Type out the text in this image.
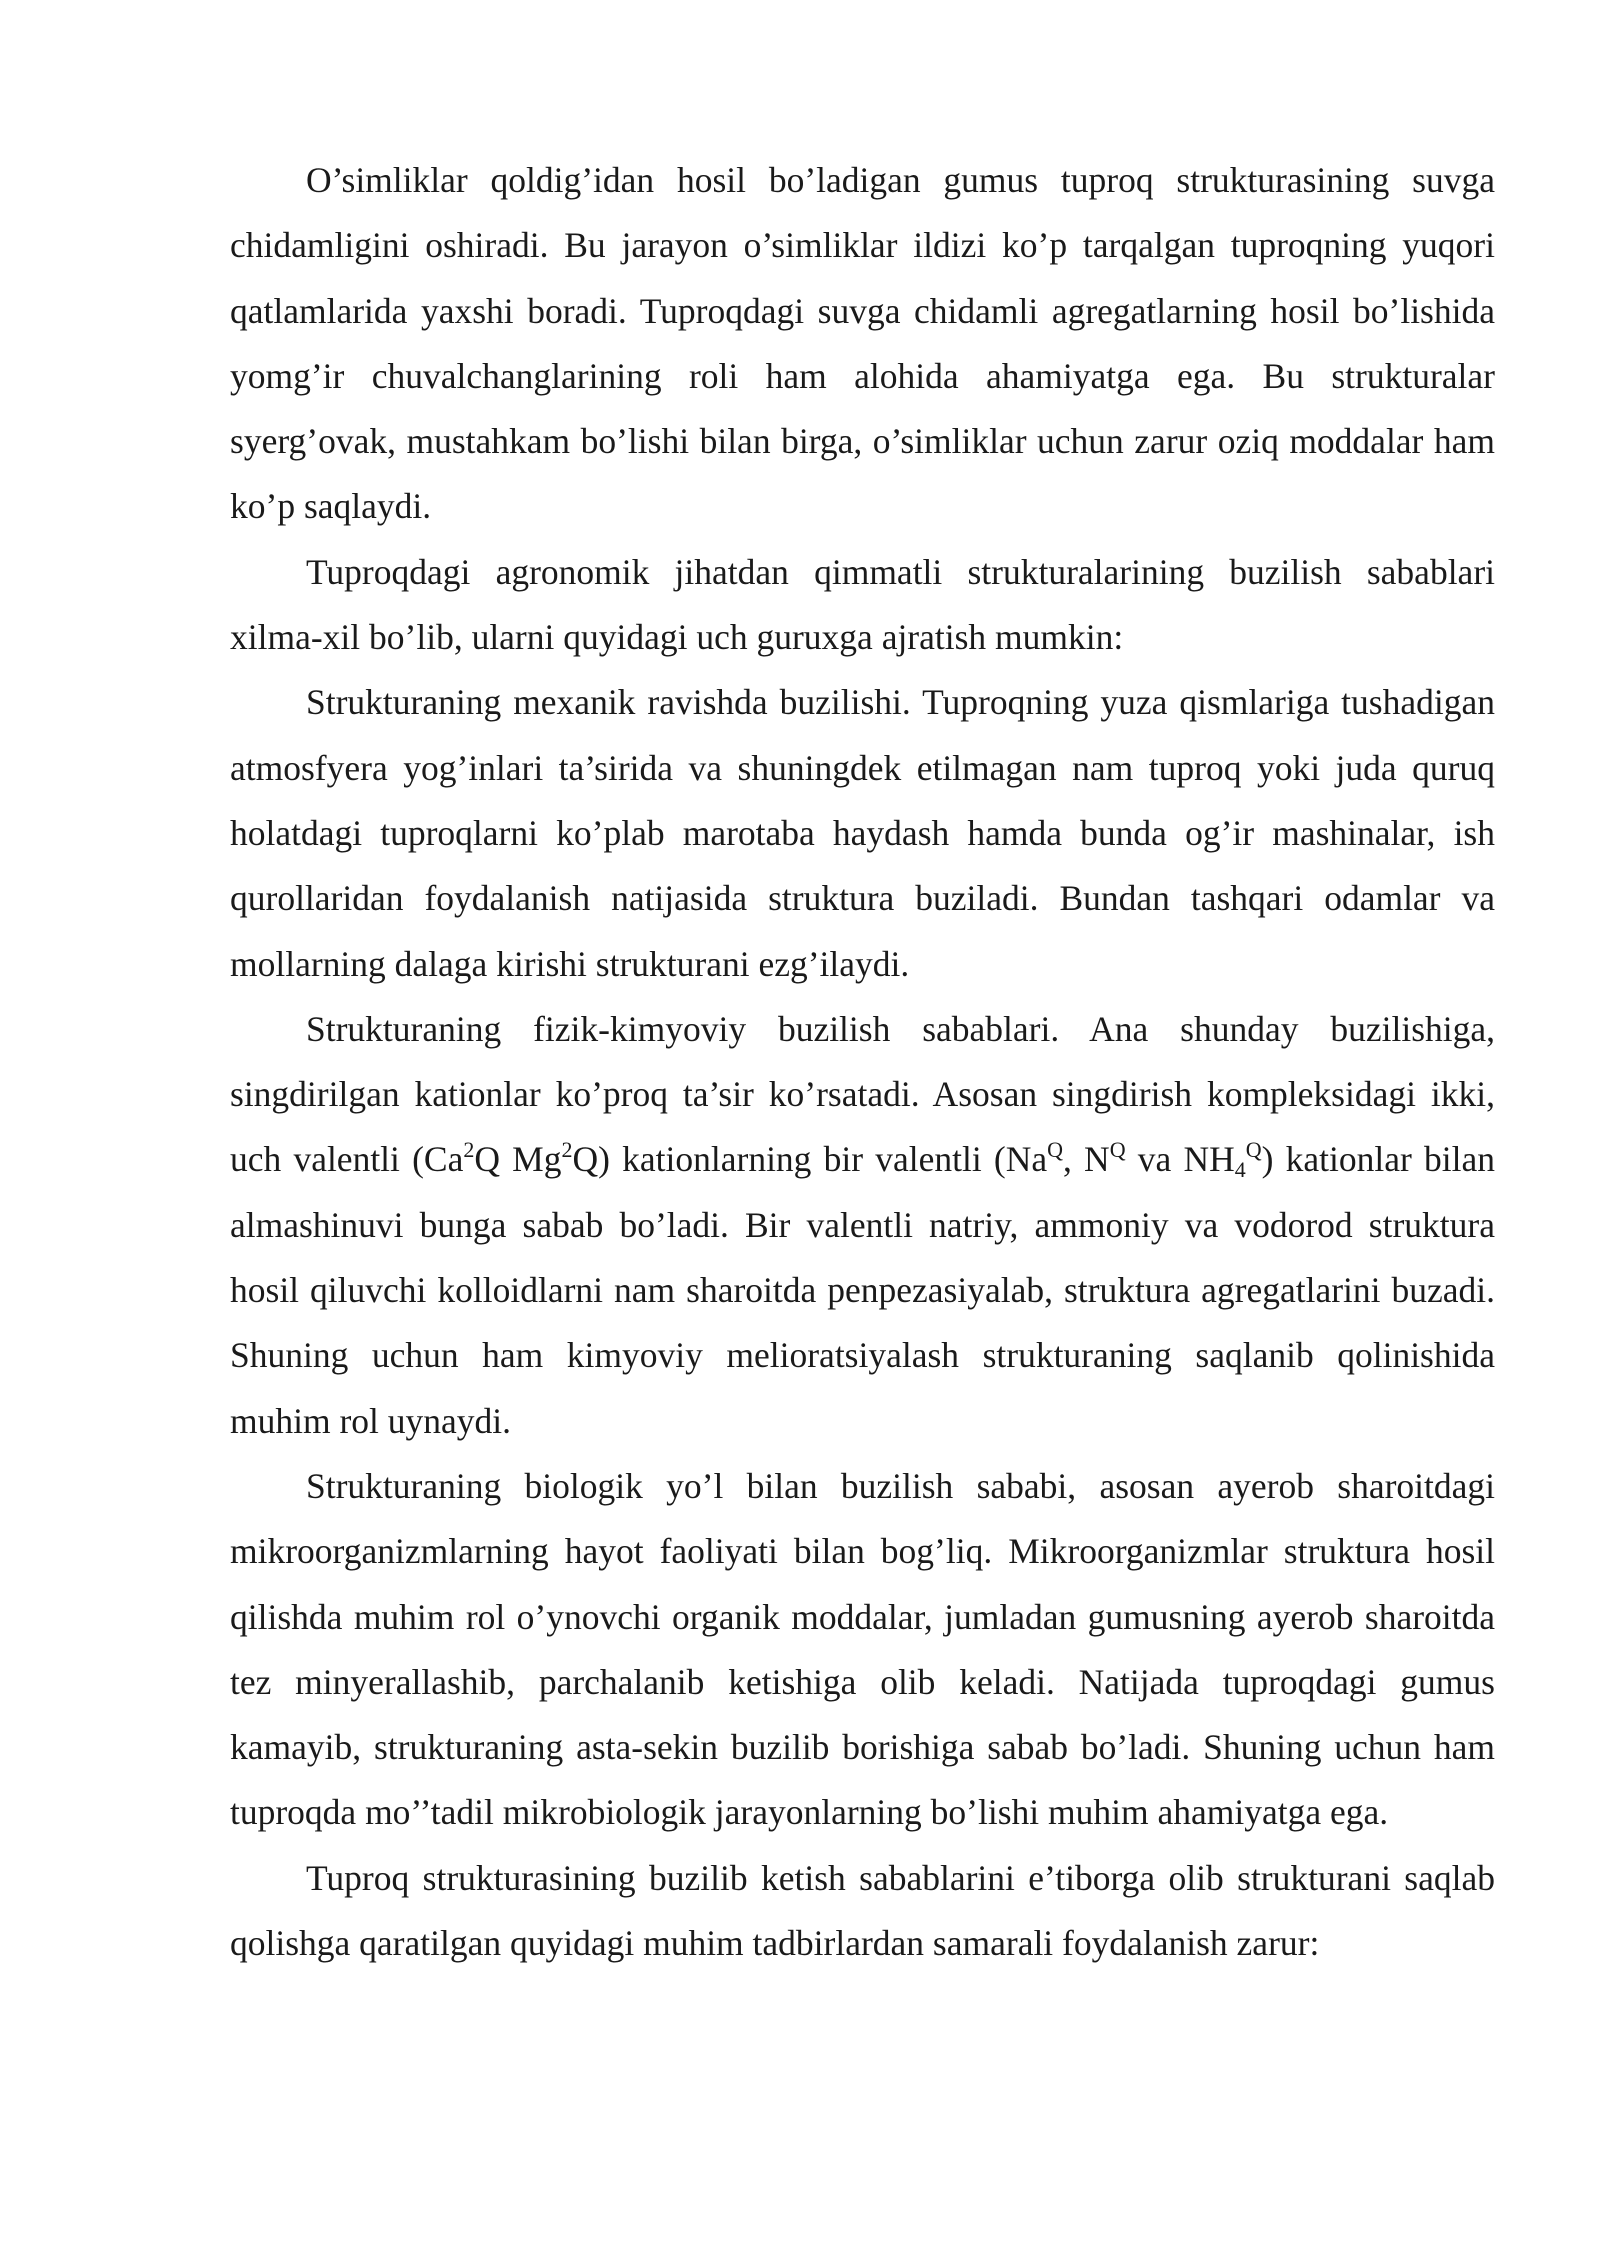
O’simliklar qoldig’idan hosil bo’ladigan gumus tuproq strukturasining suvga chidamligini oshiradi. Bu jarayon o’simliklar ildizi ko’p tarqalgan tuproqning yuqori qatlamlarida yaxshi boradi. Tuproqdagi suvga chidamli agregatlarning hosil bo’lishida yomg’ir chuvalchanglarining roli ham alohida ahamiyatga ega. Bu strukturalar syerg’ovak, mustahkam bo’lishi bilan birga, o’simliklar uchun zarur oziq moddalar ham ko’p saqlaydi.

Tuproqdagi agronomik jihatdan qimmatli strukturalarining buzilish sabablari xilma-xil bo’lib, ularni quyidagi uch guruxga ajratish mumkin:

Strukturaning mexanik ravishda buzilishi. Tuproqning yuza qismlariga tushadigan atmosfyera yog’inlari ta’sirida va shuningdek etilmagan nam tuproq yoki juda quruq holatdagi tuproqlarni ko’plab marotaba haydash hamda bunda og’ir mashinalar, ish qurollaridan foydalanish natijasida struktura buziladi. Bundan tashqari odamlar va mollarning dalaga kirishi strukturani ezg’ilaydi.

Strukturaning fizik-kimyoviy buzilish sabablari. Ana shunday buzilishiga, singdirilgan kationlar ko’proq ta’sir ko’rsatadi. Asosan singdirish kompleksidagi ikki, uch valentli (Ca$^2$Q Mg$^2$Q) kationlarning bir valentli ($Na^Q$, $N^Q$ va $NH_4^Q$) kationlar bilan almashinuvi bunga sabab bo’ladi. Bir valentli natriy, ammoniy va vodorod struktura hosil qiluvchi kolloidlarni nam sharoitda penpezasiyalab, struktura agregatlarini buzadi. Shuning uchun ham kimyoviy melioratsiyalash strukturaning saqlanib qolinishida muhim rol uynaydi.

Strukturaning biologik yo’l bilan buzilish sababi, asosan ayerob sharoitdagi mikroorganizmlarning hayot faoliyati bilan bog’liq. Mikroorganizmlar struktura hosil qilishda muhim rol o’ynovchi organik moddalar, jumladan gumusning ayerob sharoitda tez minyerallashib, parchalanib ketishiga olib keladi. Natijada tuproqdagi gumus kamayib, strukturaning asta-sekin buzilib borishiga sabab bo’ladi. Shuning uchun ham tuproqda mo’’tadil mikrobiologik jarayonlarning bo’lishi muhim ahamiyatga ega.

Tuproq strukturasining buzilib ketish sabablarini e’tiborga olib strukturani saqlab qolishga qaratilgan quyidagi muhim tadbirlardan samarali foydalanish zarur:
